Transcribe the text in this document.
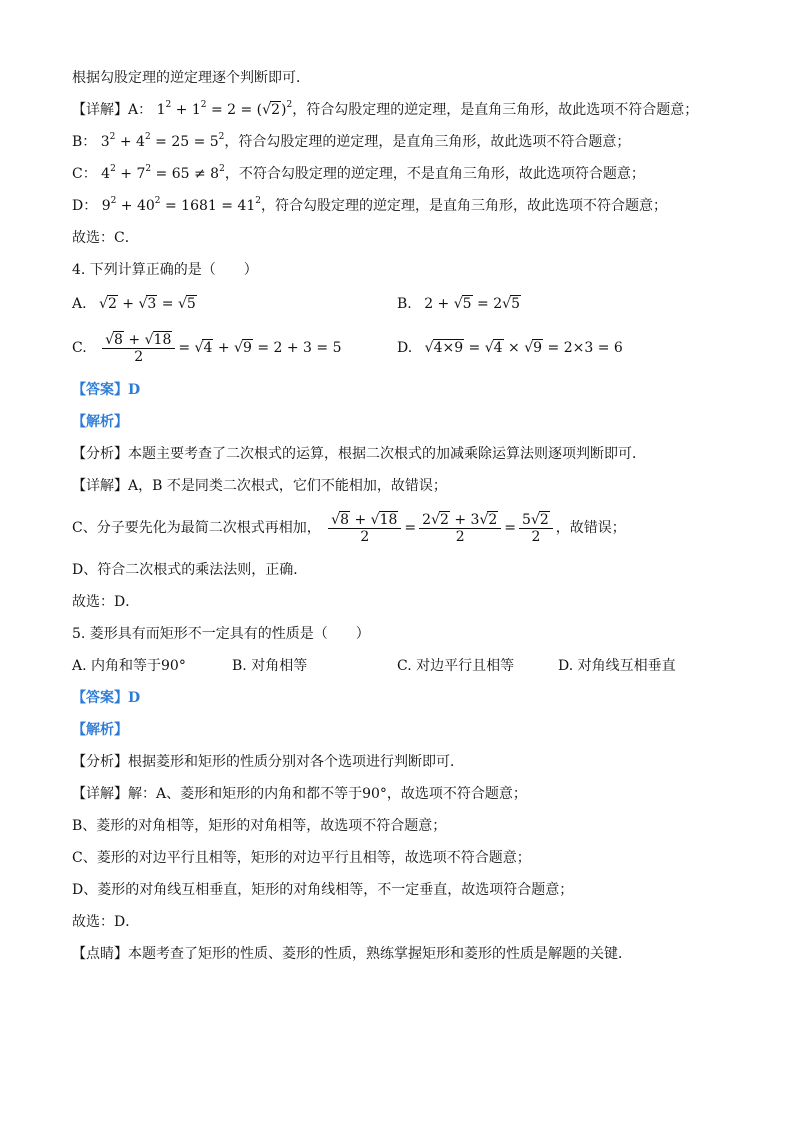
根据勾股定理的逆定理逐个判断即可．
【详解】A： $1^2 + 1^2 = 2 = (√2)^2$，符合勾股定理的逆定理，是直角三角形，故此选项不符合题意；
B： $3^2 + 4^2 = 25 = 5^2$，符合勾股定理的逆定理，是直角三角形，故此选项不符合题意；
C： $4^2 + 7^2 = 65 \ne 8^2$，不符合勾股定理的逆定理，不是直角三角形，故此选项符合题意；
D： $9^2 + 40^2 = 1681 = 41^2$，符合勾股定理的逆定理，是直角三角形，故此选项不符合题意；
故选：C．
4. 下列计算正确的是（　　）
A. √2 + √3 = √5	B. 2 + √5 = 2√5
C. $\frac{√8 + √18}{2} = √4 + √9 = 2 + 3 = 5$	D. √4×9 = √4 × √9 = 2×3 = 6
【答案】D
【解析】
【分析】本题主要考查了二次根式的运算，根据二次根式的加减乘除运算法则逐项判断即可．
【详解】A，B 不是同类二次根式，它们不能相加，故错误；
C、分子要先化为最简二次根式再相加， $\frac{√8 + √18}{2} = \frac{2√2 + 3√2}{2} = \frac{5√2}{2}$ ，故错误；
D、符合二次根式的乘法法则，正确．
故选：D．
5. 菱形具有而矩形不一定具有的性质是（　　）
A. 内角和等于90°	B. 对角相等	C. 对边平行且相等	D. 对角线互相垂直
【答案】D
【解析】
【分析】根据菱形和矩形的性质分别对各个选项进行判断即可．
【详解】解：A、菱形和矩形的内角和都不等于90°，故选项不符合题意；
B、菱形的对角相等，矩形的对角相等，故选项不符合题意；
C、菱形的对边平行且相等，矩形的对边平行且相等，故选项不符合题意；
D、菱形的对角线互相垂直，矩形的对角线相等，不一定垂直，故选项符合题意；
故选：D．
【点睛】本题考查了矩形的性质、菱形的性质，熟练掌握矩形和菱形的性质是解题的关键．
